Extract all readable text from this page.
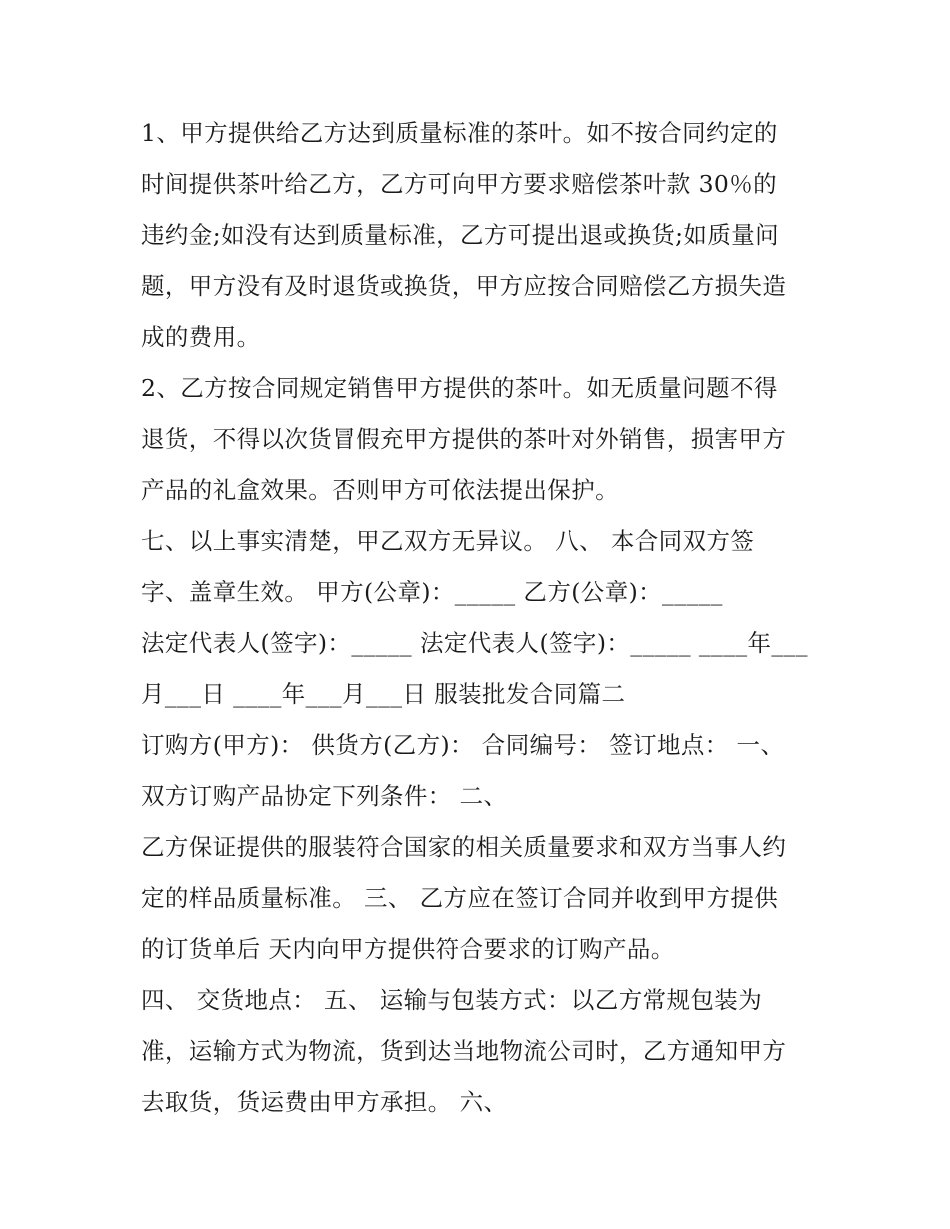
1、甲方提供给乙方达到质量标准的茶叶。如不按合同约定的
时间提供茶叶给乙方，乙方可向甲方要求赔偿茶叶款 30％的
违约金;如没有达到质量标准，乙方可提出退或换货;如质量问
题，甲方没有及时退货或换货，甲方应按合同赔偿乙方损失造
成的费用。
2、乙方按合同规定销售甲方提供的茶叶。如无质量问题不得
退货，不得以次货冒假充甲方提供的茶叶对外销售，损害甲方
产品的礼盒效果。否则甲方可依法提出保护。
七、以上事实清楚，甲乙双方无异议。 八、 本合同双方签
字、盖章生效。 甲方(公章)：_____ 乙方(公章)：_____
法定代表人(签字)：_____ 法定代表人(签字)：_____ ____年___
月___日 ____年___月___日 服装批发合同篇二
订购方(甲方)： 供货方(乙方)： 合同编号： 签订地点： 一、
双方订购产品协定下列条件： 二、
乙方保证提供的服装符合国家的相关质量要求和双方当事人约
定的样品质量标准。 三、 乙方应在签订合同并收到甲方提供
的订货单后 天内向甲方提供符合要求的订购产品。
四、 交货地点： 五、 运输与包装方式：以乙方常规包装为
准，运输方式为物流，货到达当地物流公司时，乙方通知甲方
去取货，货运费由甲方承担。 六、
